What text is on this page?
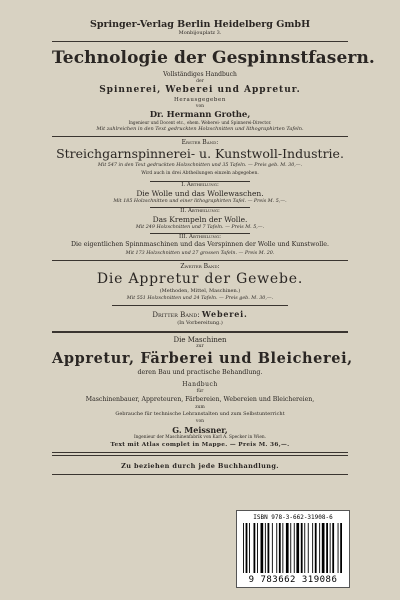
Springer-Verlag Berlin Heidelberg GmbH
Monbijouplatz 3.
Technologie der Gespinnstfasern.
Vollständiges Handbuch
der
Spinnerei, Weberei und Appretur.
Herausgegeben
von
Dr. Hermann Grothe,
Ingenieur und Docent etc., ehem. Weberei- und Spinnerei-Director.
Mit zahlreichen in den Text gedruckten Holzschnitten und lithographirten Tafeln.
Erster Band:
Streichgarnspinnerei- u. Kunstwoll-Industrie.
Mit 547 in den Text gedruckten Holzschnitten und 35 Tafeln. — Preis geb. M. 30,—.
Wird auch in drei Abtheilungen einzeln abgegeben.
I. Abtheilung:
Die Wolle und das Wollewaschen.
Mit 185 Holzschnitten und einer lithographirten Tafel. — Preis M. 5,—.
II. Abtheilung:
Das Krempeln der Wolle.
Mit 249 Holzschnitten und 7 Tafeln. — Preis M. 5,—.
III. Abtheilung:
Die eigentlichen Spinnmaschinen und das Verspinnen der Wolle und Kunstwolle.
Mit 173 Holzschnitten und 27 grossen Tafeln. — Preis M. 20.
Zweiter Band:
Die Appretur der Gewebe.
(Methoden, Mittel, Maschinen.)
Mit 551 Holzschnitten und 24 Tafeln. — Preis geb. M. 30,—.
Dritter Band: Weberei.
(In Vorbereitung.)
Die Maschinen
zur
Appretur, Färberei und Bleicherei,
deren Bau und practische Behandlung.
Handbuch
für
Maschinenbauer, Appreteuren, Färbereien, Webereien und Bleichereien,
zum
Gebrauche für technische Lehranstalten und zum Selbstunterricht
von
G. Meissner,
Ingenieur der Maschinenfabrik von Karl A. Specker in Wien.
Text mit Atlas complet in Mappe. — Preis M. 36,—.
Zu beziehen durch jede Buchhandlung.
ISBN 978-3-662-31908-6
9 783662 319086
